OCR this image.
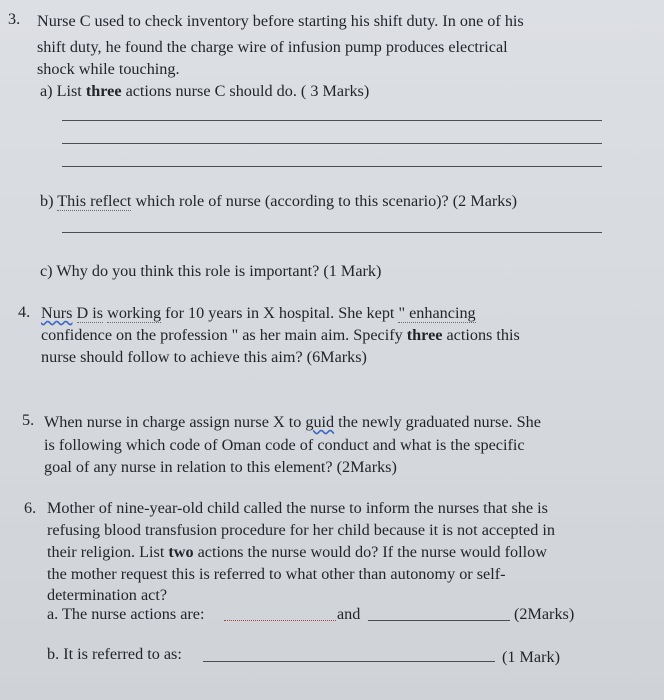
3. Nurse C used to check inventory before starting his shift duty. In one of his
shift duty, he found the charge wire of infusion pump produces electrical
shock while touching.
a) List three actions nurse C should do. ( 3 Marks)
b) This reflect which role of nurse (according to this scenario)? (2 Marks)
c) Why do you think this role is important? (1 Mark)
4. Nurs D is working for 10 years in X hospital. She kept " enhancing
confidence on the profession " as her main aim. Specify three actions this
nurse should follow to achieve this aim? (6Marks)
5. When nurse in charge assign nurse X to guid the newly graduated nurse. She
is following which code of Oman code of conduct and what is the specific
goal of any nurse in relation to this element? (2Marks)
6. Mother of nine-year-old child called the nurse to inform the nurses that she is
refusing blood transfusion procedure for her child because it is not accepted in
their religion. List two actions the nurse would do? If the nurse would follow
the mother request this is referred to what other than autonomy or self-
determination act?
a. The nurse actions are:	and	(2Marks)
b. It is referred to as:	(1 Mark)
